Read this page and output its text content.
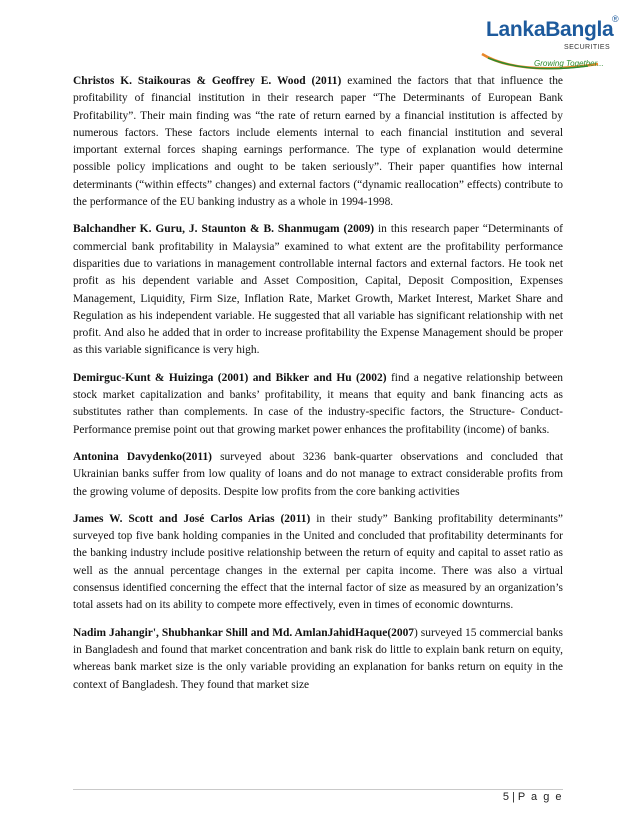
LankaBangla
®
SECURITIES
Growing Together...

Christos K. Staikouras & Geoffrey E. Wood (2011) examined the factors that that influence the profitability of financial institution in their research paper “The Determinants of European Bank Profitability”. Their main finding was “the rate of return earned by a financial institution is affected by numerous factors. These factors include elements internal to each financial institution and several important external forces shaping earnings performance. The type of explanation would determine possible policy implications and ought to be taken seriously”. Their paper quantifies how internal determinants (“within effects” changes) and external factors (“dynamic reallocation” effects) contribute to the performance of the EU banking industry as a whole in 1994-1998.

Balchandher K. Guru, J. Staunton & B. Shanmugam (2009) in this research paper “Determinants of commercial bank profitability in Malaysia” examined to what extent are the profitability performance disparities due to variations in management controllable internal factors and external factors. He took net profit as his dependent variable and Asset Composition, Capital, Deposit Composition, Expenses Management, Liquidity, Firm Size, Inflation Rate, Market Growth, Market Interest, Market Share and Regulation as his independent variable. He suggested that all variable has significant relationship with net profit. And also he added that in order to increase profitability the Expense Management should be proper as this variable significance is very high.

Demirguc-Kunt & Huizinga (2001) and Bikker and Hu (2002) find a negative relationship between stock market capitalization and banks’ profitability, it means that equity and bank financing acts as substitutes rather than complements. In case of the industry-specific factors, the Structure- Conduct-Performance premise point out that growing market power enhances the profitability (income) of banks.

Antonina Davydenko(2011) surveyed about 3236 bank-quarter observations and concluded that Ukrainian banks suffer from low quality of loans and do not manage to extract considerable profits from the growing volume of deposits. Despite low profits from the core banking activities

James W. Scott and José Carlos Arias (2011) in their study” Banking profitability determinants” surveyed top five bank holding companies in the United and concluded that profitability determinants for the banking industry include positive relationship between the return of equity and capital to asset ratio as well as the annual percentage changes in the external per capita income. There was also a virtual consensus identified concerning the effect that the internal factor of size as measured by an organization’s total assets had on its ability to compete more effectively, even in times of economic downturns.

Nadim Jahangir', Shubhankar Shill and Md. AmlanJahidHaque(2007) surveyed 15 commercial banks in Bangladesh and found that market concentration and bank risk do little to explain bank return on equity, whereas bank market size is the only variable providing an explanation for banks return on equity in the context of Bangladesh. They found that market size

5 | P a g e
